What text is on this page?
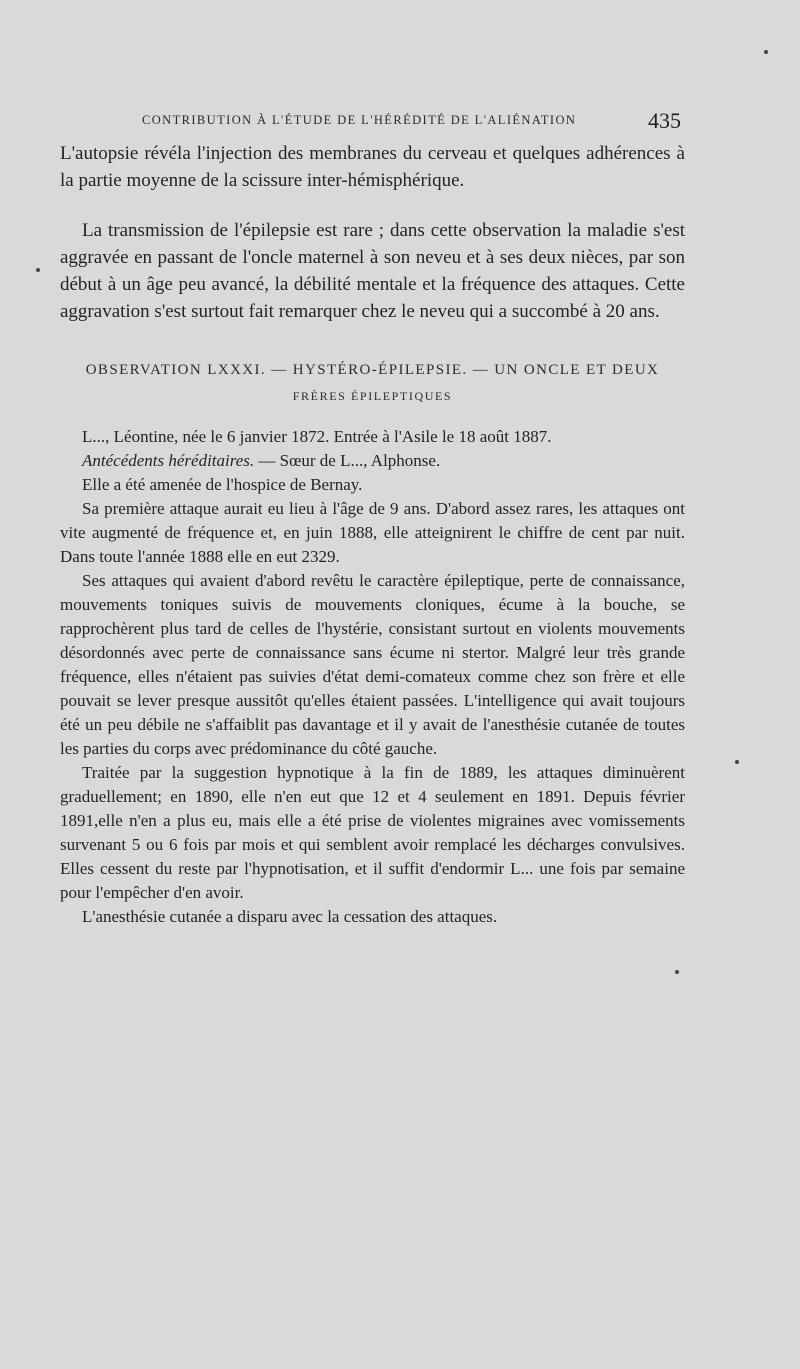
CONTRIBUTION À L'ÉTUDE DE L'HÉRÉDITÉ DE L'ALIÉNATION	435

L'autopsie révéla l'injection des membranes du cerveau et quelques adhérences à la partie moyenne de la scissure inter-hémisphérique.

La transmission de l'épilepsie est rare ; dans cette observation la maladie s'est aggravée en passant de l'oncle maternel à son neveu et à ses deux nièces, par son début à un âge peu avancé, la débilité mentale et la fréquence des attaques. Cette aggravation s'est surtout fait remarquer chez le neveu qui a succombé à 20 ans.

OBSERVATION LXXXI. — HYSTÉRO-ÉPILEPSIE. — UN ONCLE ET DEUX
FRÈRES ÉPILEPTIQUES

L..., Léontine, née le 6 janvier 1872. Entrée à l'Asile le 18 août 1887.

Antécédents héréditaires. — Sœur de L..., Alphonse.

Elle a été amenée de l'hospice de Bernay.

Sa première attaque aurait eu lieu à l'âge de 9 ans. D'abord assez rares, les attaques ont vite augmenté de fréquence et, en juin 1888, elle atteignirent le chiffre de cent par nuit. Dans toute l'année 1888 elle en eut 2329.

Ses attaques qui avaient d'abord revêtu le caractère épileptique, perte de connaissance, mouvements toniques suivis de mouvements cloniques, écume à la bouche, se rapprochèrent plus tard de celles de l'hystérie, consistant surtout en violents mouvements désordonnés avec perte de connaissance sans écume ni stertor. Malgré leur très grande fréquence, elles n'étaient pas suivies d'état demi-comateux comme chez son frère et elle pouvait se lever presque aussitôt qu'elles étaient passées. L'intelligence qui avait toujours été un peu débile ne s'affaiblit pas davantage et il y avait de l'anesthésie cutanée de toutes les parties du corps avec prédominance du côté gauche.

Traitée par la suggestion hypnotique à la fin de 1889, les attaques diminuèrent graduellement; en 1890, elle n'en eut que 12 et 4 seulement en 1891. Depuis février 1891,elle n'en a plus eu, mais elle a été prise de violentes migraines avec vomissements survenant 5 ou 6 fois par mois et qui semblent avoir remplacé les décharges convulsives. Elles cessent du reste par l'hypnotisation, et il suffit d'endormir L... une fois par semaine pour l'empêcher d'en avoir.

L'anesthésie cutanée a disparu avec la cessation des attaques.
